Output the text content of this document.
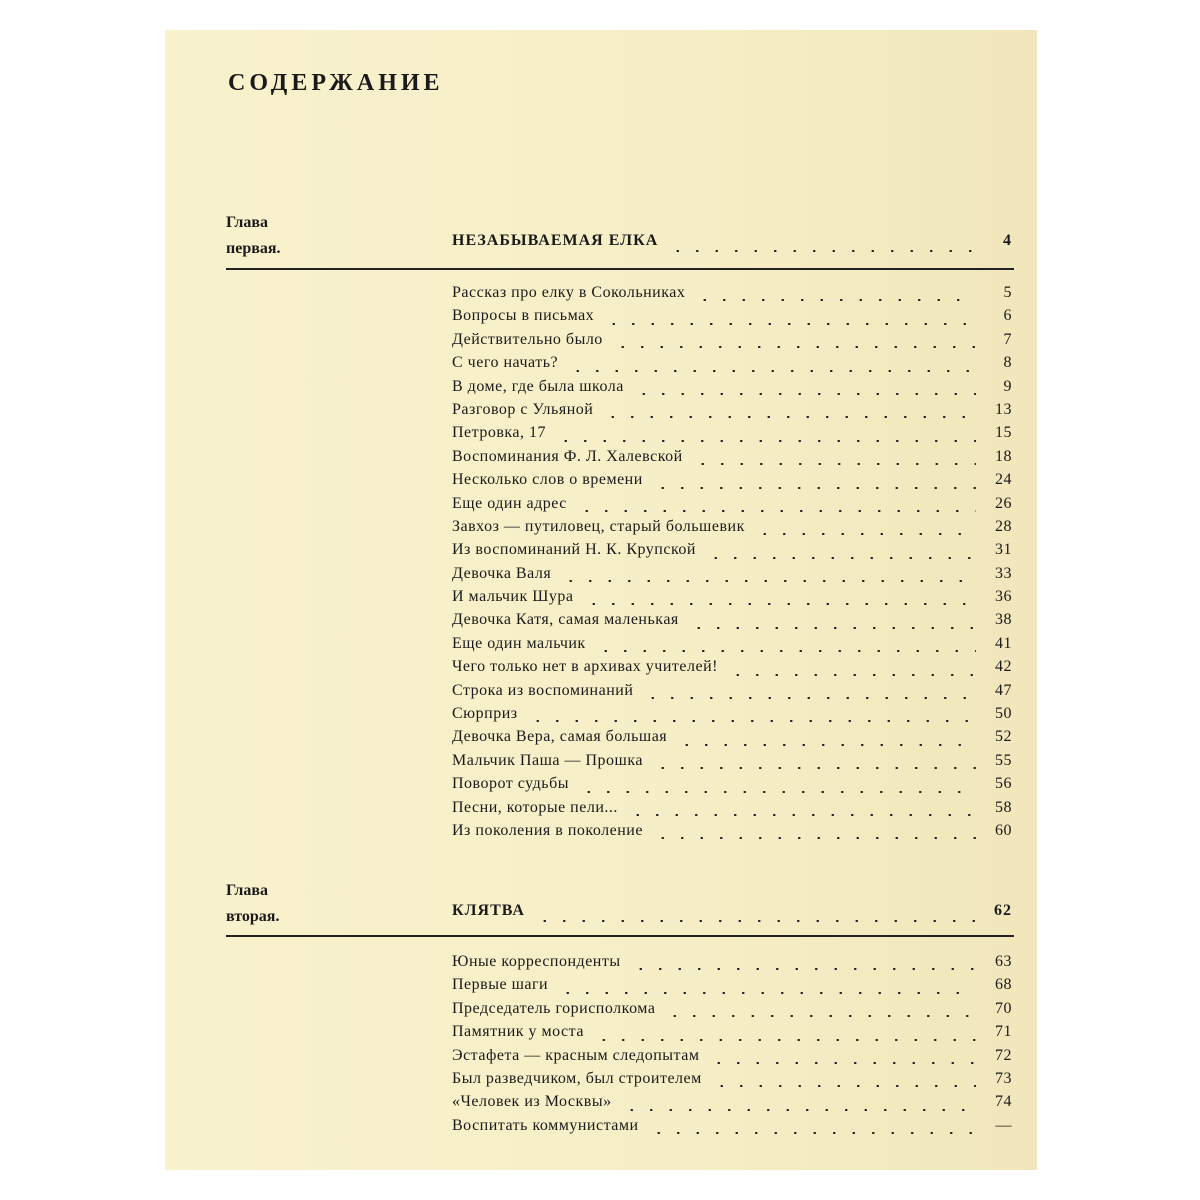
СОДЕРЖАНИЕ
Глава
первая.	НЕЗАБЫВАЕМАЯ ЕЛКА	4
Рассказ про елку в Сокольниках	5
Вопросы в письмах	6
Действительно было	7
С чего начать?	8
В доме, где была школа	9
Разговор с Ульяной	13
Петровка, 17	15
Воспоминания Ф. Л. Халевской	18
Несколько слов о времени	24
Еще один адрес	26
Завхоз — путиловец, старый большевик	28
Из воспоминаний Н. К. Крупской	31
Девочка Валя	33
И мальчик Шура	36
Девочка Катя, самая маленькая	38
Еще один мальчик	41
Чего только нет в архивах учителей!	42
Строка из воспоминаний	47
Сюрприз	50
Девочка Вера, самая большая	52
Мальчик Паша — Прошка	55
Поворот судьбы	56
Песни, которые пели...	58
Из поколения в поколение	60
Глава
вторая.	КЛЯТВА	62
Юные корреспонденты	63
Первые шаги	68
Председатель горисполкома	70
Памятник у моста	71
Эстафета — красным следопытам	72
Был разведчиком, был строителем	73
«Человек из Москвы»	74
Воспитать коммунистами	—
